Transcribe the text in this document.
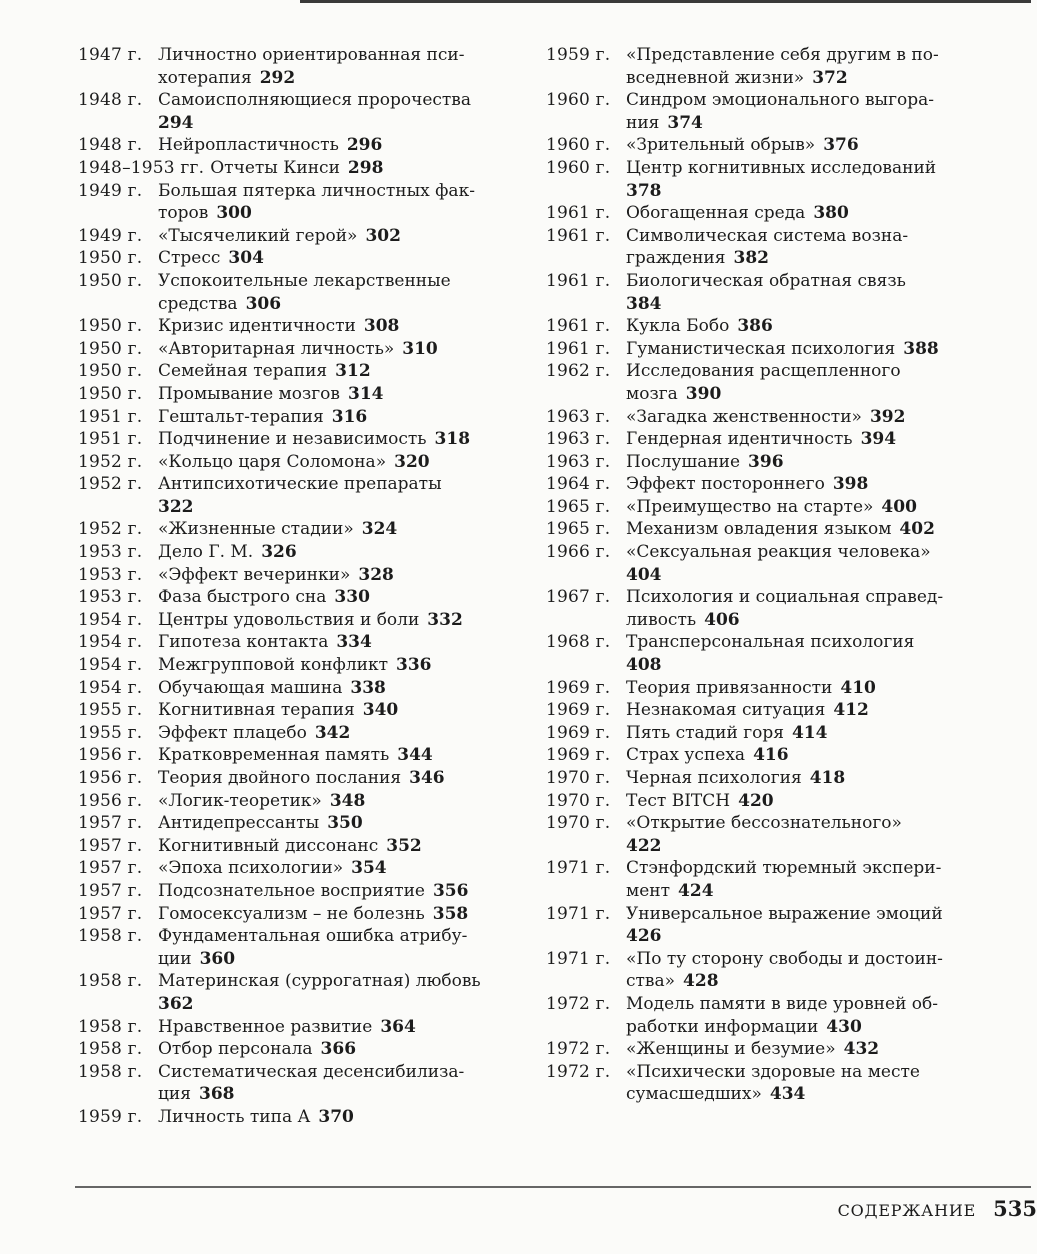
1947 г. Личностно ориентированная пси-хотерапия 292
1948 г. Самоисполняющиеся пророчества
294
1948 г. Нейропластичность 296
1948–1953 гг. Отчеты Кинси 298
1949 г. Большая пятерка личностных фак-торов 300
1949 г. «Тысячеликий герой» 302
1950 г. Стресс 304
1950 г. Успокоительные лекарственные средства 306
1950 г. Кризис идентичности 308
1950 г. «Авторитарная личность» 310
1950 г. Семейная терапия 312
1950 г. Промывание мозгов 314
1951 г. Гештальт-терапия 316
1951 г. Подчинение и независимость 318
1952 г. «Кольцо царя Соломона» 320
1952 г. Антипсихотические препараты
322
1952 г. «Жизненные стадии» 324
1953 г. Дело Г. М. 326
1953 г. «Эффект вечеринки» 328
1953 г. Фаза быстрого сна 330
1954 г. Центры удовольствия и боли 332
1954 г. Гипотеза контакта 334
1954 г. Межгрупповой конфликт 336
1954 г. Обучающая машина 338
1955 г. Когнитивная терапия 340
1955 г. Эффект плацебо 342
1956 г. Кратковременная память 344
1956 г. Теория двойного послания 346
1956 г. «Логик-теоретик» 348
1957 г. Антидепрессанты 350
1957 г. Когнитивный диссонанс 352
1957 г. «Эпоха психологии» 354
1957 г. Подсознательное восприятие 356
1957 г. Гомосексуализм – не болезнь 358
1958 г. Фундаментальная ошибка атрибу-ции 360
1958 г. Материнская (суррогатная) любовь
362
1958 г. Нравственное развитие 364
1958 г. Отбор персонала 366
1958 г. Систематическая десенсибилиза-ция 368
1959 г. Личность типа А 370
1959 г. «Представление себя другим в по-вседневной жизни» 372
1960 г. Синдром эмоционального выгора-ния 374
1960 г. «Зрительный обрыв» 376
1960 г. Центр когнитивных исследований
378
1961 г. Обогащенная среда 380
1961 г. Символическая система возна-граждения 382
1961 г. Биологическая обратная связь
384
1961 г. Кукла Бобо 386
1961 г. Гуманистическая психология 388
1962 г. Исследования расщепленного мозга 390
1963 г. «Загадка женственности» 392
1963 г. Гендерная идентичность 394
1963 г. Послушание 396
1964 г. Эффект постороннего 398
1965 г. «Преимущество на старте» 400
1965 г. Механизм овладения языком 402
1966 г. «Сексуальная реакция человека»
404
1967 г. Психология и социальная справед-ливость 406
1968 г. Трансперсональная психология
408
1969 г. Теория привязанности 410
1969 г. Незнакомая ситуация 412
1969 г. Пять стадий горя 414
1969 г. Страх успеха 416
1970 г. Черная психология 418
1970 г. Тест BITCH 420
1970 г. «Открытие бессознательного»
422
1971 г. Стэнфордский тюремный экспери-мент 424
1971 г. Универсальное выражение эмоций
426
1971 г. «По ту сторону свободы и достоин-ства» 428
1972 г. Модель памяти в виде уровней об-работки информации 430
1972 г. «Женщины и безумие» 432
1972 г. «Психически здоровые на месте сумасшедших» 434
СОДЕРЖАНИЕ 535
